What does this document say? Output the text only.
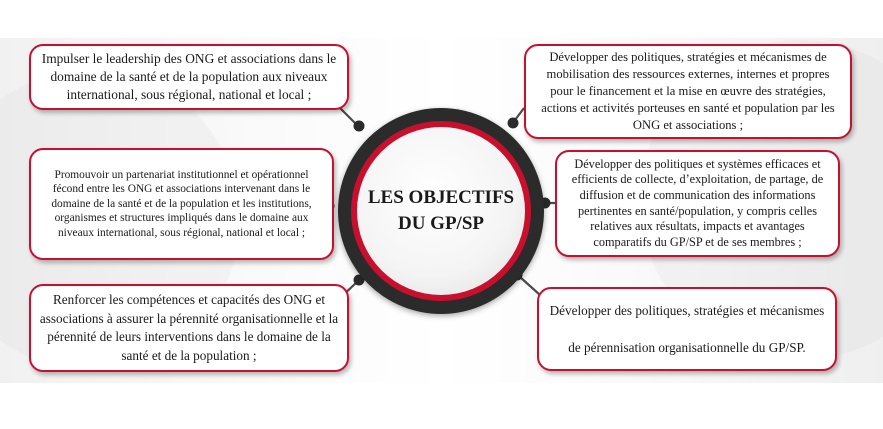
LES OBJECTIFS
DU GP/SP

Impulser le leadership des ONG et associations dans le domaine de la santé et de la population aux niveaux international, sous régional, national et local ;

Promouvoir un partenariat institutionnel et opérationnel fécond entre les ONG et associations intervenant dans le domaine de la santé et de la population et les institutions, organismes et structures impliqués dans le domaine aux niveaux international, sous régional, national et local ;

Renforcer les compétences et capacités des ONG et associations à assurer la pérennité organisationnelle et la pérennité de leurs interventions dans le domaine de la santé et de la population ;

Développer des politiques, stratégies et mécanismes de mobilisation des ressources externes, internes et propres pour le financement et la mise en œuvre des stratégies, actions et activités porteuses en santé et population par les ONG et associations ;

Développer des politiques et systèmes efficaces et efficients de collecte, d’exploitation, de partage, de diffusion et de communication des informations pertinentes en santé/population, y compris celles relatives aux résultats, impacts et avantages comparatifs du GP/SP et de ses membres ;

Développer des politiques, stratégies et mécanismes

de pérennisation organisationnelle du GP/SP.
